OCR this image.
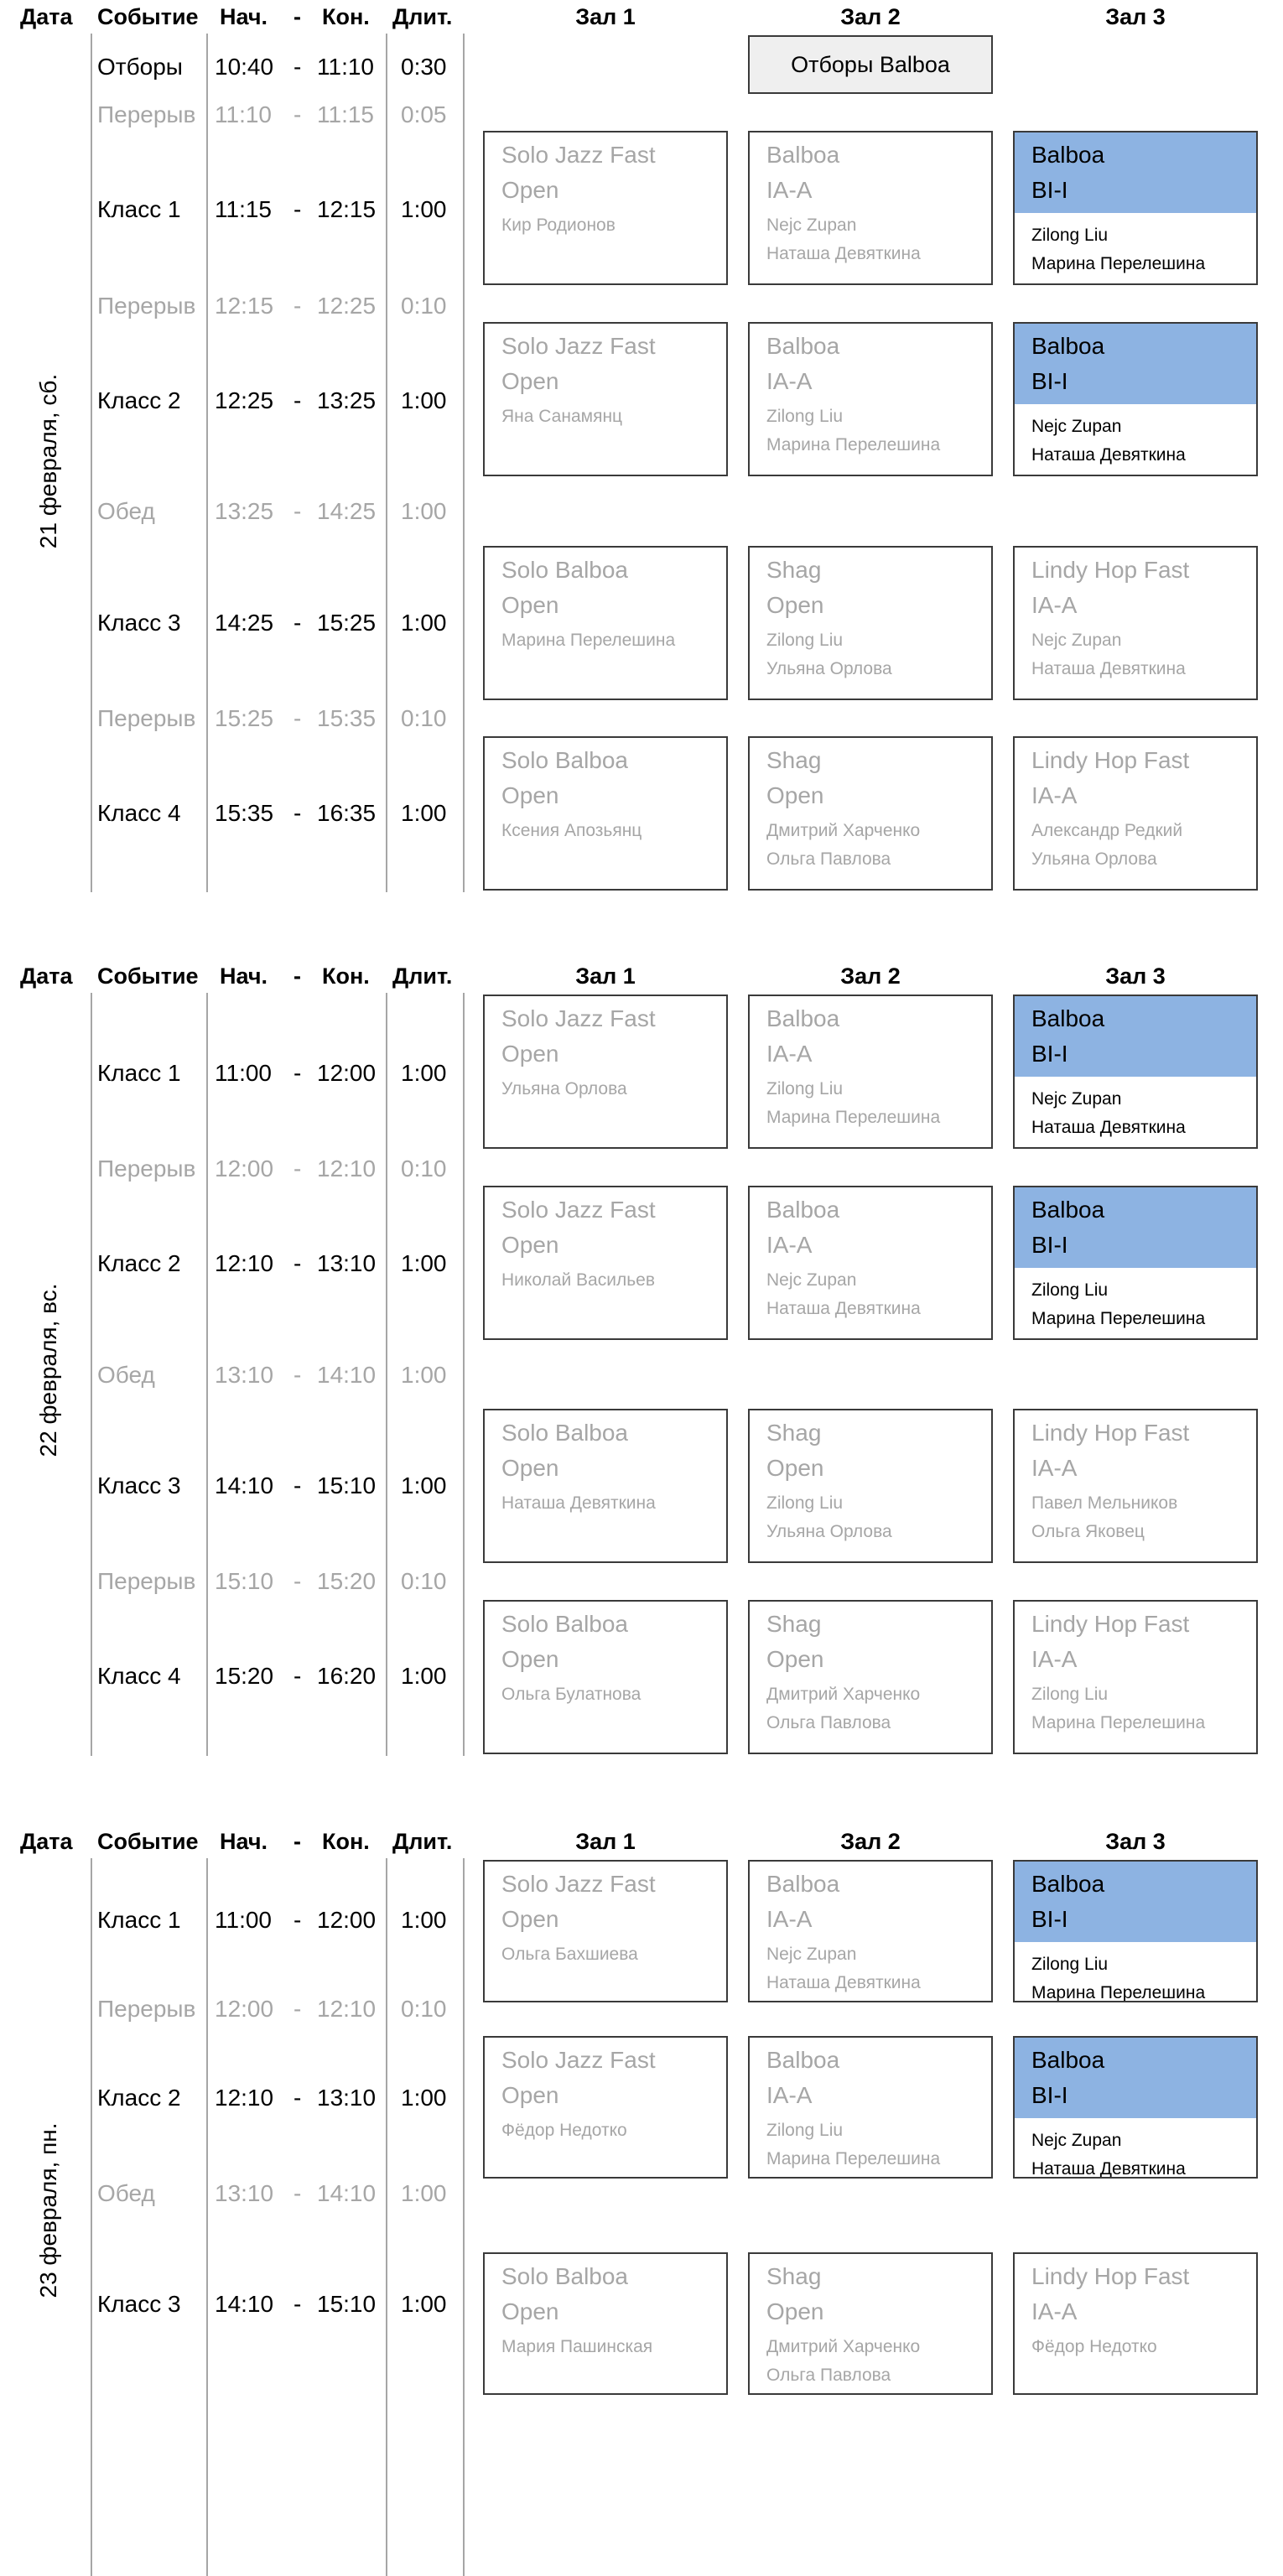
Дата Событие Нач. - Кон. Длит.	Зал 1	Зал 2	Зал 3
21 февраля, сб.
Отборы Balboa
Отборы 10:40 - 11:10 0:30
Перерыв 11:10 - 11:15 0:05
Класс 1 11:15 - 12:15 1:00
Перерыв 12:15 - 12:25 0:10
Класс 2 12:25 - 13:25 1:00
Обед	13:25 - 14:25 1:00
Класс 3 14:25 - 15:25 1:00
Перерыв 15:25 - 15:35 0:10
Класс 4 15:35 - 16:35 1:00
Solo Jazz Fast
Open
Кир Родионов
Balboa
IA-A
Nejc Zupan
Наташа Девяткина
Balboa
BI-I
Zilong Liu
Марина Перелешина
Solo Jazz Fast
Open
Яна Санамянц
Balboa
IA-A
Zilong Liu
Марина Перелешина
Balboa
BI-I
Nejc Zupan
Наташа Девяткина
Solo Balboa
Open
Марина Перелешина
Shag
Open
Zilong Liu
Ульяна Орлова
Lindy Hop Fast
IA-A
Nejc Zupan
Наташа Девяткина
Solo Balboa
Open
Ксения Апозьянц
Shag
Open
Дмитрий Харченко
Ольга Павлова
Lindy Hop Fast
IA-A
Александр Редкий
Ульяна Орлова
Дата Событие Нач. - Кон. Длит.	Зал 1	Зал 2	Зал 3
22 февраля, вс.
Класс 1 11:00 - 12:00 1:00
Перерыв 12:00 - 12:10 0:10
Класс 2 12:10 - 13:10 1:00
Обед	13:10 - 14:10 1:00
Класс 3 14:10 - 15:10 1:00
Перерыв 15:10 - 15:20 0:10
Класс 4 15:20 - 16:20 1:00
Solo Jazz Fast
Open
Ульяна Орлова
Balboa
IA-A
Zilong Liu
Марина Перелешина
Balboa
BI-I
Nejc Zupan
Наташа Девяткина
Solo Jazz Fast
Open
Николай Васильев
Balboa
IA-A
Nejc Zupan
Наташа Девяткина
Balboa
BI-I
Zilong Liu
Марина Перелешина
Solo Balboa
Open
Наташа Девяткина
Shag
Open
Zilong Liu
Ульяна Орлова
Lindy Hop Fast
IA-A
Павел Мельников
Ольга Яковец
Solo Balboa
Open
Ольга Булатнова
Shag
Open
Дмитрий Харченко
Ольга Павлова
Lindy Hop Fast
IA-A
Zilong Liu
Марина Перелешина
Дата Событие Нач. - Кон. Длит.	Зал 1	Зал 2	Зал 3
23 февраля, пн.
Класс 1 11:00 - 12:00 1:00
Перерыв 12:00 - 12:10 0:10
Класс 2 12:10 - 13:10 1:00
Обед	13:10 - 14:10 1:00
Класс 3 14:10 - 15:10 1:00
Solo Jazz Fast
Open
Ольга Бахшиева
Balboa
IA-A
Nejc Zupan
Наташа Девяткина
Balboa
BI-I
Zilong Liu
Марина Перелешина
Solo Jazz Fast
Open
Фёдор Недотко
Balboa
IA-A
Zilong Liu
Марина Перелешина
Balboa
BI-I
Nejc Zupan
Наташа Девяткина
Solo Balboa
Open
Мария Пашинская
Shag
Open
Дмитрий Харченко
Ольга Павлова
Lindy Hop Fast
IA-A
Фёдор Недотко
